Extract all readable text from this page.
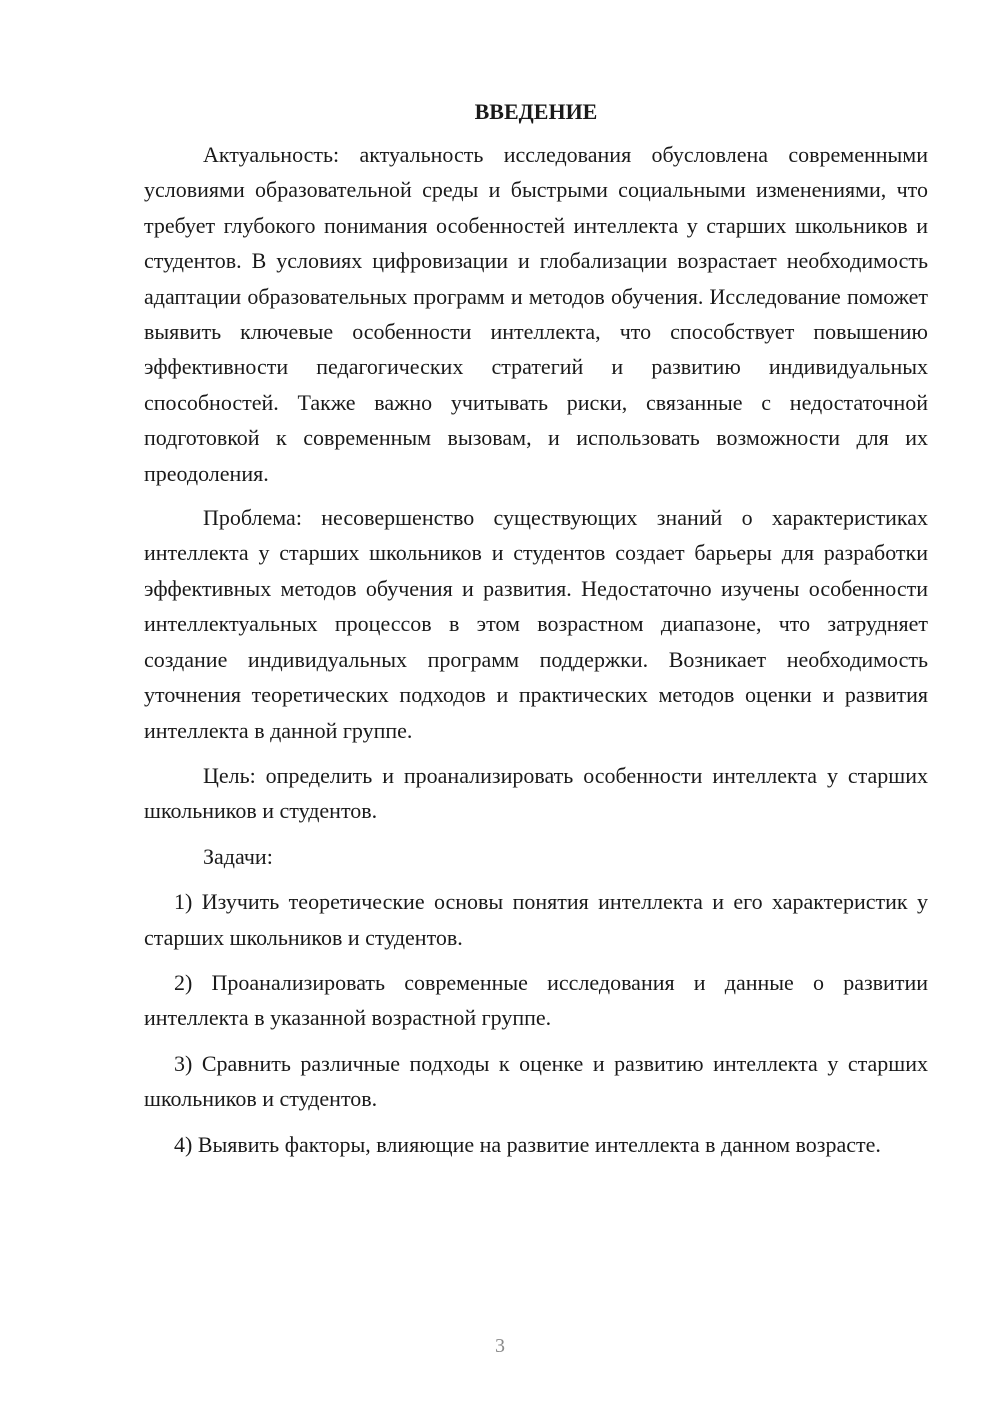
ВВЕДЕНИЕ

Актуальность: актуальность исследования обусловлена современными условиями образовательной среды и быстрыми социальными изменениями, что требует глубокого понимания особенностей интеллекта у старших школьников и студентов. В условиях цифровизации и глобализации возрастает необходимость адаптации образовательных программ и методов обучения. Исследование поможет выявить ключевые особенности интеллекта, что способствует повышению эффективности педагогических стратегий и развитию индивидуальных способностей. Также важно учитывать риски, связанные с недостаточной подготовкой к современным вызовам, и использовать возможности для их преодоления.

Проблема: несовершенство существующих знаний о характеристиках интеллекта у старших школьников и студентов создает барьеры для разработки эффективных методов обучения и развития. Недостаточно изучены особенности интеллектуальных процессов в этом возрастном диапазоне, что затрудняет создание индивидуальных программ поддержки. Возникает необходимость уточнения теоретических подходов и практических методов оценки и развития интеллекта в данной группе.

Цель: определить и проанализировать особенности интеллекта у старших школьников и студентов.

Задачи:

1) Изучить теоретические основы понятия интеллекта и его характеристик у старших школьников и студентов.

2) Проанализировать современные исследования и данные о развитии интеллекта в указанной возрастной группе.

3) Сравнить различные подходы к оценке и развитию интеллекта у старших школьников и студентов.

4) Выявить факторы, влияющие на развитие интеллекта в данном возрасте.

3
